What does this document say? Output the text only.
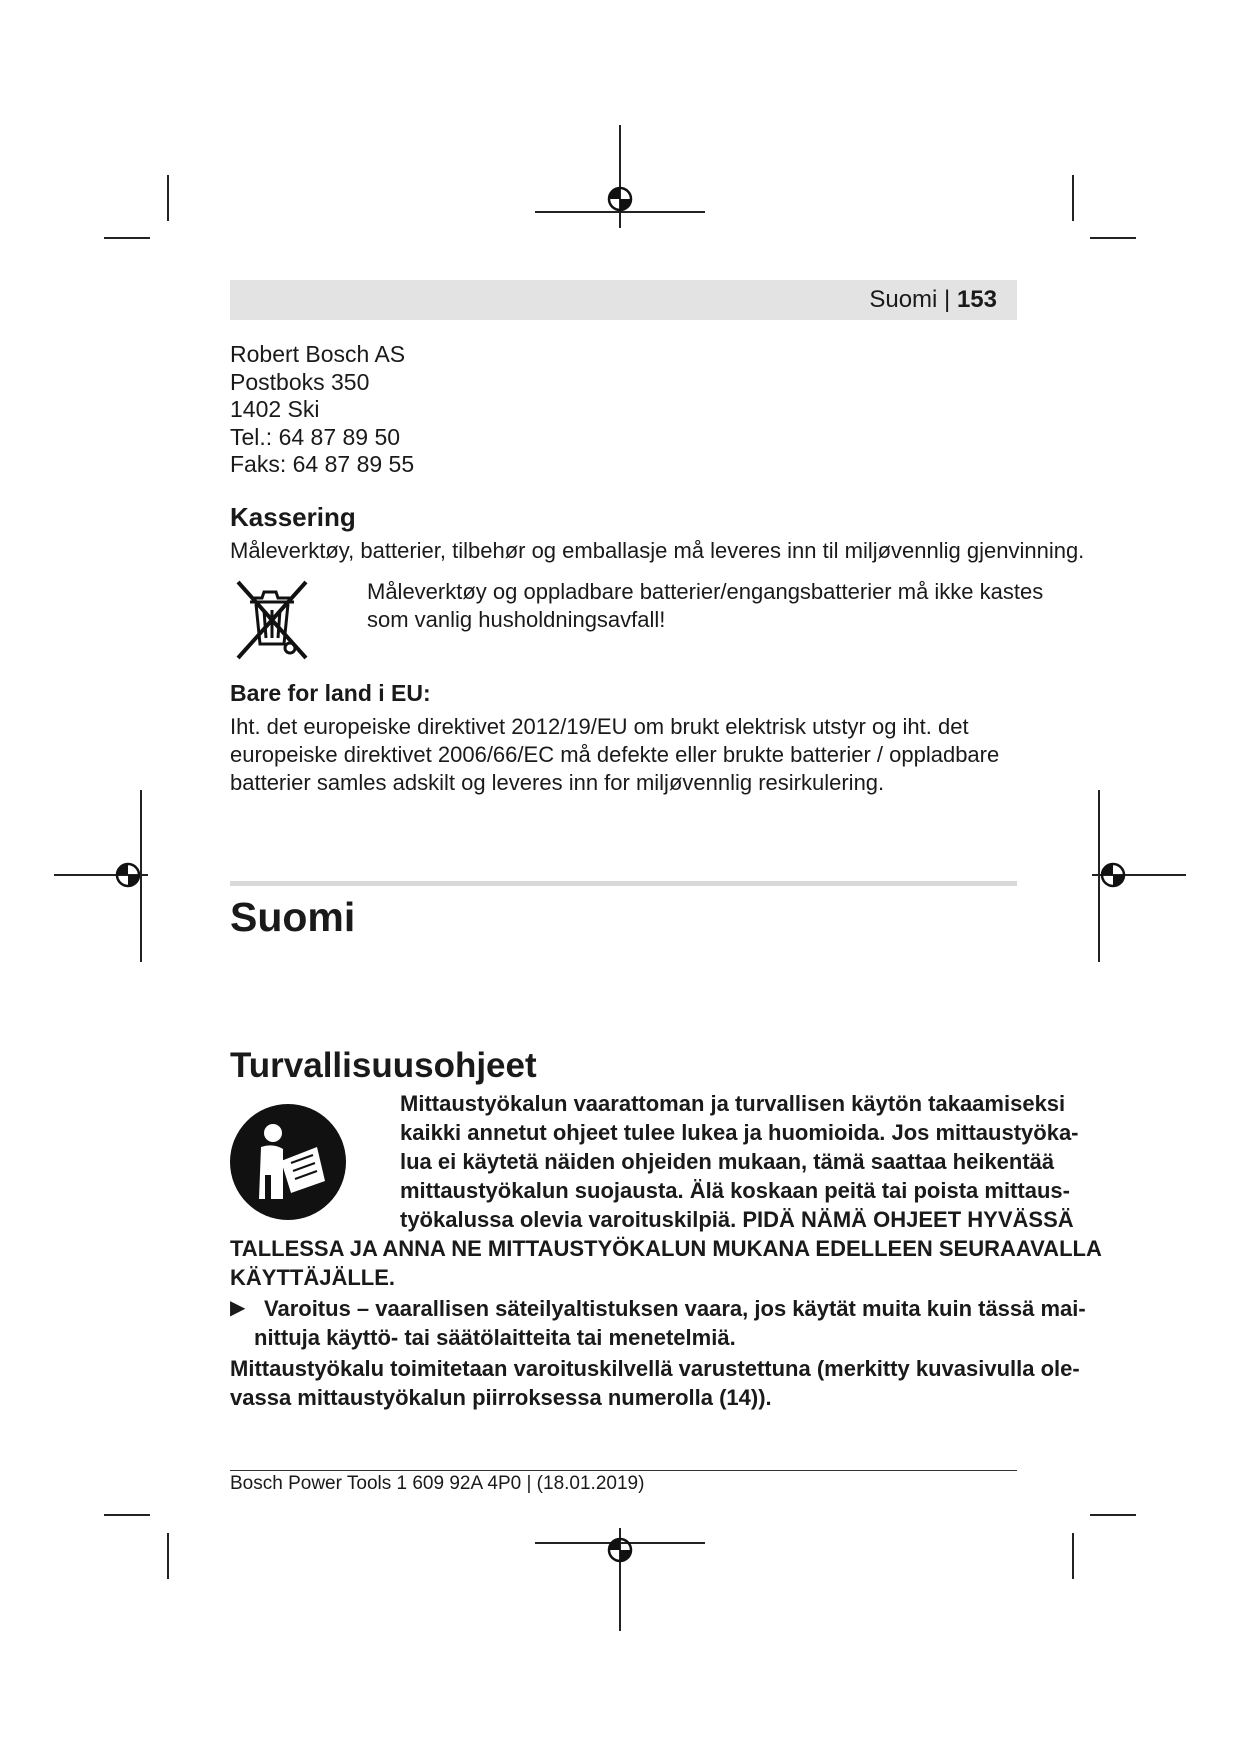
Suomi | 153
Robert Bosch AS
Postboks 350
1402 Ski
Tel.: 64 87 89 50
Faks: 64 87 89 55
Kassering
Måleverktøy, batterier, tilbehør og emballasje må leveres inn til miljøvennlig gjenvinning.
Måleverktøy og oppladbare batterier/engangsbatterier må ikke kastes
som vanlig husholdningsavfall!
Bare for land i EU:
Iht. det europeiske direktivet 2012/19/EU om brukt elektrisk utstyr og iht. det
europeiske direktivet 2006/66/EC må defekte eller brukte batterier / oppladbare
batterier samles adskilt og leveres inn for miljøvennlig resirkulering.
Suomi
Turvallisuusohjeet
Mittaustyökalun vaarattoman ja turvallisen käytön takaamiseksi
kaikki annetut ohjeet tulee lukea ja huomioida. Jos mittaustyöka-
lua ei käytetä näiden ohjeiden mukaan, tämä saattaa heikentää
mittaustyökalun suojausta. Älä koskaan peitä tai poista mittaus-
työkalussa olevia varoituskilpiä. PIDÄ NÄMÄ OHJEET HYVÄSSÄ
TALLESSA JA ANNA NE MITTAUSTYÖKALUN MUKANA EDELLEEN SEURAAVALLA
KÄYTTÄJÄLLE.
▶ Varoitus – vaarallisen säteilyaltistuksen vaara, jos käytät muita kuin tässä mai-
nittuja käyttö- tai säätölaitteita tai menetelmiä.
Mittaustyökalu toimitetaan varoituskilvellä varustettuna (merkitty kuvasivulla ole-
vassa mittaustyökalun piirroksessa numerolla (14)).
Bosch Power Tools 1 609 92A 4P0 | (18.01.2019)
